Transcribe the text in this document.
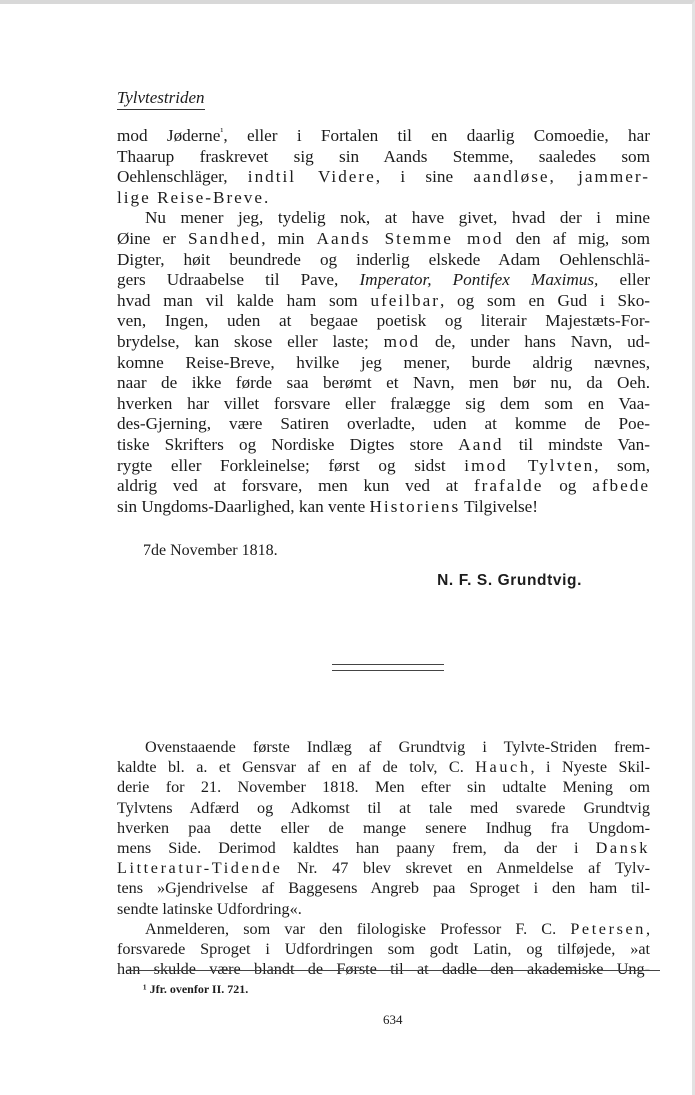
Tylvtestriden

mod Jøderne$^{^1}$, eller i Fortalen til en daarlig Comoedie, har

Thaarup fraskrevet sig sin Aands Stemme, saaledes som

Oehlenschläger, indtil Videre, i sine aandløse, jammer-

lige Reise-Breve.

Nu mener jeg, tydelig nok, at have givet, hvad der i mine

Øine er Sandhed, min Aands Stemme mod den af mig, som

Digter, høit beundrede og inderlig elskede Adam Oehlenschlä-

gers Udraabelse til Pave, Imperator, Pontifex Maximus, eller

hvad man vil kalde ham som ufeilbar, og som en Gud i Sko-

ven, Ingen, uden at begaae poetisk og literair Majestæts-For-

brydelse, kan skose eller laste; mod de, under hans Navn, ud-

komne Reise-Breve, hvilke jeg mener, burde aldrig nævnes,

naar de ikke førde saa berømt et Navn, men bør nu, da Oeh.

hverken har villet forsvare eller fralægge sig dem som en Vaa-

des-Gjerning, være Satiren overladte, uden at komme de Poe-

tiske Skrifters og Nordiske Digtes store Aand til mindste Van-

rygte eller Forkleinelse; først og sidst imod Tylvten, som,

aldrig ved at forsvare, men kun ved at frafalde og afbede

sin Ungdoms-Daarlighed, kan vente Historiens Tilgivelse!

7de November 1818.
N. F. S. Grundtvig.

Ovenstaaende første Indlæg af Grundtvig i Tylvte-Striden frem-

kaldte bl. a. et Gensvar af en af de tolv, C. Hauch, i Nyeste Skil-

derie for 21. November 1818. Men efter sin udtalte Mening om

Tylvtens Adfærd og Adkomst til at tale med svarede Grundtvig

hverken paa dette eller de mange senere Indhug fra Ungdom-

mens Side. Derimod kaldtes han paany frem, da der i Dansk

Litteratur-Tidende Nr. 47 blev skrevet en Anmeldelse af Tylv-

tens »Gjendrivelse af Baggesens Angreb paa Sproget i den ham til-

sendte latinske Udfordring«.

Anmelderen, som var den filologiske Professor F. C. Petersen,

forsvarede Sproget i Udfordringen som godt Latin, og tilføjede, »at

han skulde være blandt de Første til at dadle den akademiske Ung-

¹ Jfr. ovenfor II. 721.
634
